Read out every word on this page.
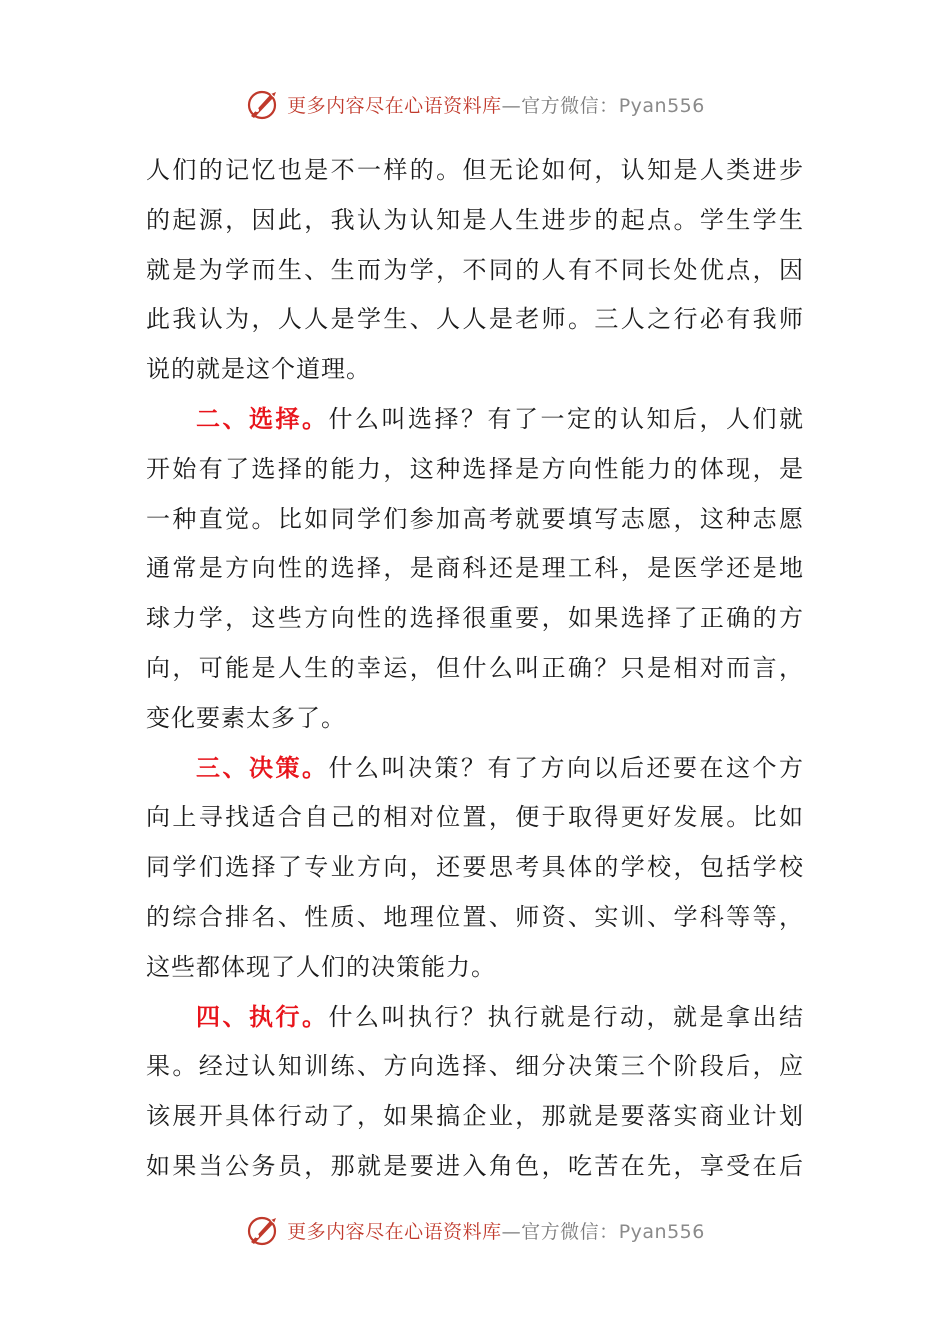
更多内容尽在心语资料库—官方微信：Pyan556
人们的记忆也是不一样的。但无论如何，认知是人类进步
的起源，因此，我认为认知是人生进步的起点。学生学生
就是为学而生、生而为学，不同的人有不同长处优点，因
此我认为，人人是学生、人人是老师。三人之行必有我师
说的就是这个道理。
二、选择。什么叫选择？有了一定的认知后，人们就
开始有了选择的能力，这种选择是方向性能力的体现，是
一种直觉。比如同学们参加高考就要填写志愿，这种志愿
通常是方向性的选择，是商科还是理工科，是医学还是地
球力学，这些方向性的选择很重要，如果选择了正确的方
向，可能是人生的幸运，但什么叫正确？只是相对而言，
变化要素太多了。
三、决策。什么叫决策？有了方向以后还要在这个方
向上寻找适合自己的相对位置，便于取得更好发展。比如
同学们选择了专业方向，还要思考具体的学校，包括学校
的综合排名、性质、地理位置、师资、实训、学科等等，
这些都体现了人们的决策能力。
四、执行。什么叫执行？执行就是行动，就是拿出结
果。经过认知训练、方向选择、细分决策三个阶段后，应
该展开具体行动了，如果搞企业，那就是要落实商业计划
如果当公务员，那就是要进入角色，吃苦在先，享受在后
更多内容尽在心语资料库—官方微信：Pyan556
